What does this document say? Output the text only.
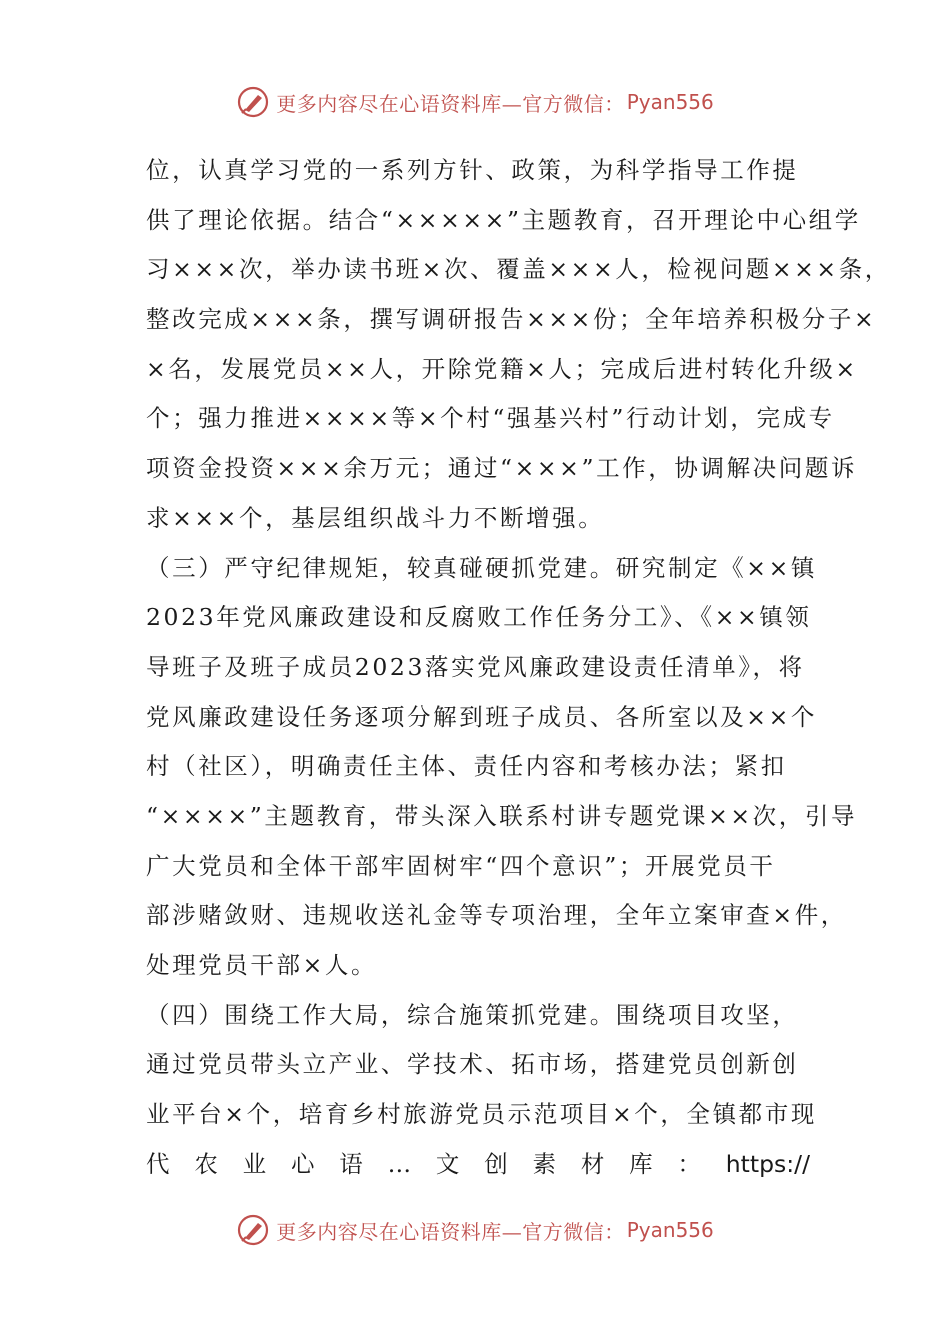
更多内容尽在心语资料库—官方微信： Pyan556
位，认真学习党的一系列方针、政策，为科学指导工作提
供了理论依据。结合“×××××”主题教育，召开理论中心组学
习×××次，举办读书班×次、覆盖×××人，检视问题×××条，
整改完成×××条，撰写调研报告×××份；全年培养积极分子×
×名，发展党员××人，开除党籍×人；完成后进村转化升级×
个；强力推进××××等×个村“强基兴村”行动计划，完成专
项资金投资×××余万元；通过“×××”工作，协调解决问题诉
求×××个，基层组织战斗力不断增强。
（三）严守纪律规矩，较真碰硬抓党建。研究制定《××镇
2023年党风廉政建设和反腐败工作任务分工》、《××镇领
导班子及班子成员2023落实党风廉政建设责任清单》，将
党风廉政建设任务逐项分解到班子成员、各所室以及××个
村（社区），明确责任主体、责任内容和考核办法；紧扣
“××××”主题教育，带头深入联系村讲专题党课××次，引导
广大党员和全体干部牢固树牢“四个意识”；开展党员干
部涉赌敛财、违规收送礼金等专项治理，全年立案审查×件，
处理党员干部×人。
（四）围绕工作大局，综合施策抓党建。围绕项目攻坚，
通过党员带头立产业、学技术、拓市场，搭建党员创新创
业平台×个，培育乡村旅游党员示范项目×个，全镇都市现
代 农 业 心 语 … 文 创 素 材 库 ： https://
更多内容尽在心语资料库—官方微信： Pyan556
